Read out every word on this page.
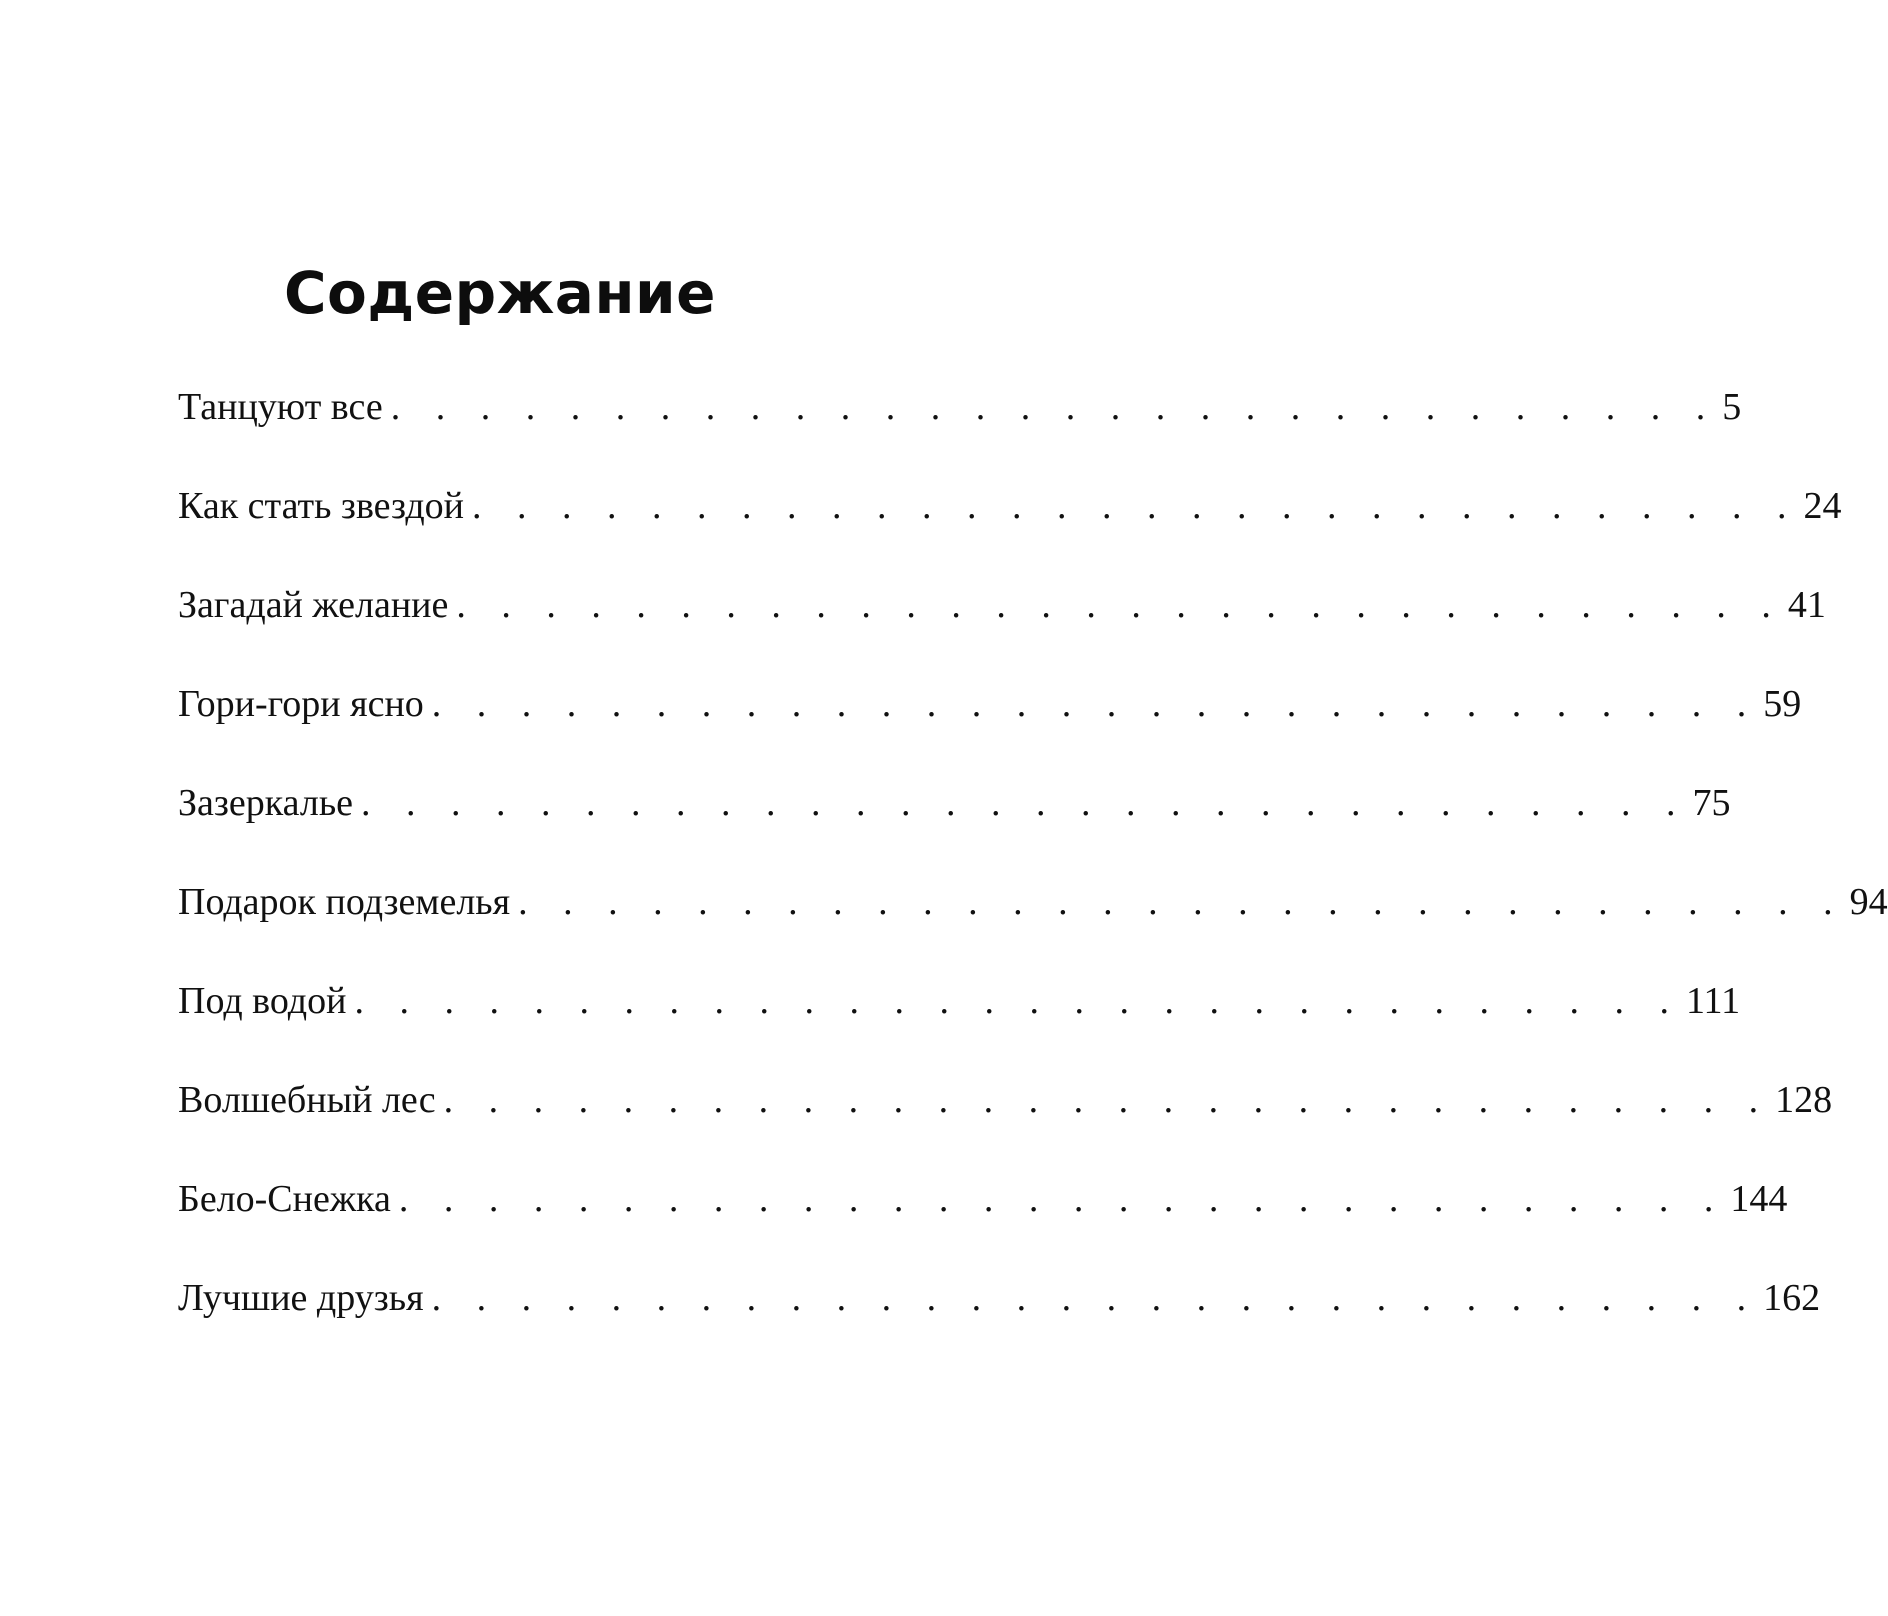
Содержание
Танцуют все . . . . . . . . . . . . . . . . . . . . . . . . . . . . . . 5
Как стать звездой . . . . . . . . . . . . . . . . . . . . . . . . . . . . . . 24
Загадай желание . . . . . . . . . . . . . . . . . . . . . . . . . . . . . . 41
Гори-гори ясно . . . . . . . . . . . . . . . . . . . . . . . . . . . . . . 59
Зазеркалье . . . . . . . . . . . . . . . . . . . . . . . . . . . . . . 75
Подарок подземелья . . . . . . . . . . . . . . . . . . . . . . . . . . . . . . 94
Под водой . . . . . . . . . . . . . . . . . . . . . . . . . . . . . . 111
Волшебный лес . . . . . . . . . . . . . . . . . . . . . . . . . . . . . . 128
Бело-Снежка . . . . . . . . . . . . . . . . . . . . . . . . . . . . . . 144
Лучшие друзья . . . . . . . . . . . . . . . . . . . . . . . . . . . . . . 162
